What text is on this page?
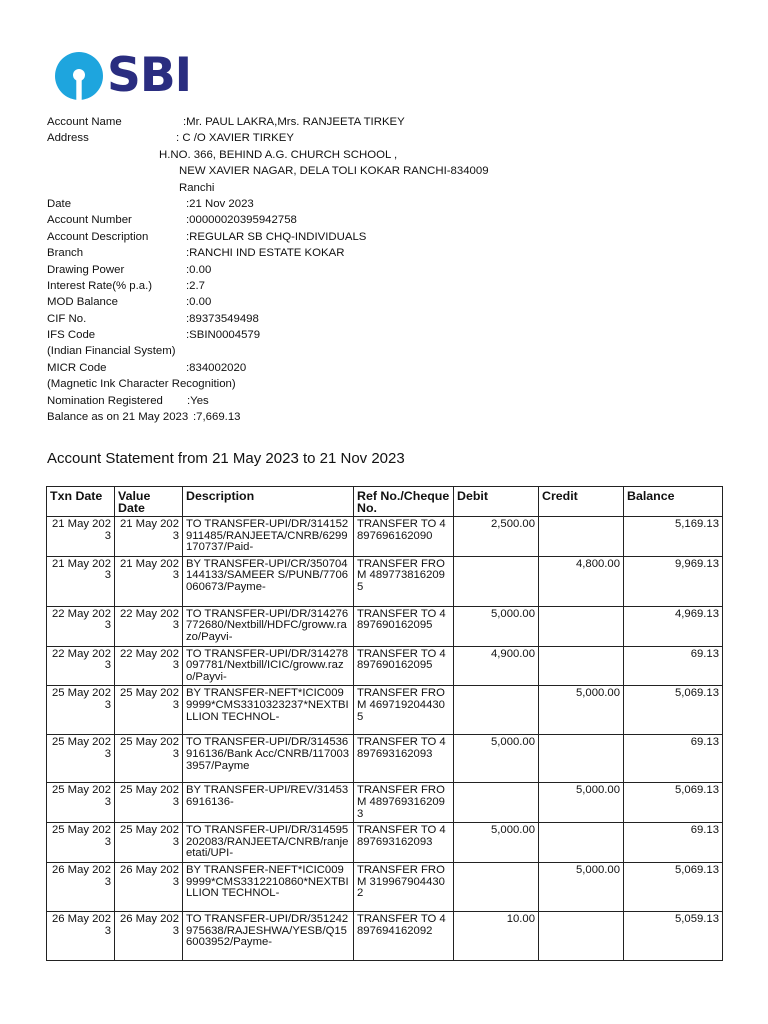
SBI
Account Name	:Mr. PAUL LAKRA,Mrs. RANJEETA TIRKEY
Address	: C /O XAVIER TIRKEY
H.NO. 366, BEHIND A.G. CHURCH SCHOOL ,
NEW XAVIER NAGAR, DELA TOLI KOKAR RANCHI-834009
Ranchi
Date	:21 Nov 2023
Account Number	:00000020395942758
Account Description	:REGULAR SB CHQ-INDIVIDUALS
Branch	:RANCHI IND ESTATE KOKAR
Drawing Power	:0.00
Interest Rate(% p.a.)	:2.7
MOD Balance	:0.00
CIF No.	:89373549498
IFS Code	:SBIN0004579
(Indian Financial System)
MICR Code	:834002020
(Magnetic Ink Character Recognition)
Nomination Registered :Yes
Balance as on 21 May 2023 :7,669.13
Account Statement from 21 May 2023 to 21 Nov 2023
Txn Date	Value Date	Description	Ref No./Cheque No.	Debit	Credit	Balance
21 May 2023	21 May 2023	TO TRANSFER-UPI/DR/314152911485/RANJEETA/CNRB/6299170737/Paid-	TRANSFER TO 4897696162090	2,500.00		5,169.13
21 May 2023	21 May 2023	BY TRANSFER-UPI/CR/350704144133/SAMEER S/PUNB/7706060673/Payme-	TRANSFER FROM 4897738162095		4,800.00	9,969.13
22 May 2023	22 May 2023	TO TRANSFER-UPI/DR/314276772680/Nextbill/HDFC/groww.razo/Payvi-	TRANSFER TO 4897690162095	5,000.00		4,969.13
22 May 2023	22 May 2023	TO TRANSFER-UPI/DR/314278097781/Nextbill/ICIC/groww.razo/Payvi-	TRANSFER TO 4897690162095	4,900.00		69.13
25 May 2023	25 May 2023	BY TRANSFER-NEFT*ICIC0099999*CMS3310323237*NEXTBILLION TECHNOL-	TRANSFER FROM 4697192044305		5,000.00	5,069.13
25 May 2023	25 May 2023	TO TRANSFER-UPI/DR/314536916136/Bank Acc/CNRB/1170033957/Payme	TRANSFER TO 4897693162093	5,000.00		69.13
25 May 2023	25 May 2023	BY TRANSFER-UPI/REV/314536916136-	TRANSFER FROM 4897693162093		5,000.00	5,069.13
25 May 2023	25 May 2023	TO TRANSFER-UPI/DR/314595202083/RANJEETA/CNRB/ranjeetati/UPI-	TRANSFER TO 4897693162093	5,000.00		69.13
26 May 2023	26 May 2023	BY TRANSFER-NEFT*ICIC0099999*CMS3312210860*NEXTBILLION TECHNOL-	TRANSFER FROM 3199679044302		5,000.00	5,069.13
26 May 2023	26 May 2023	TO TRANSFER-UPI/DR/351242975638/RAJESHWA/YESB/Q156003952/Payme-	TRANSFER TO 4897694162092	10.00		5,059.13
